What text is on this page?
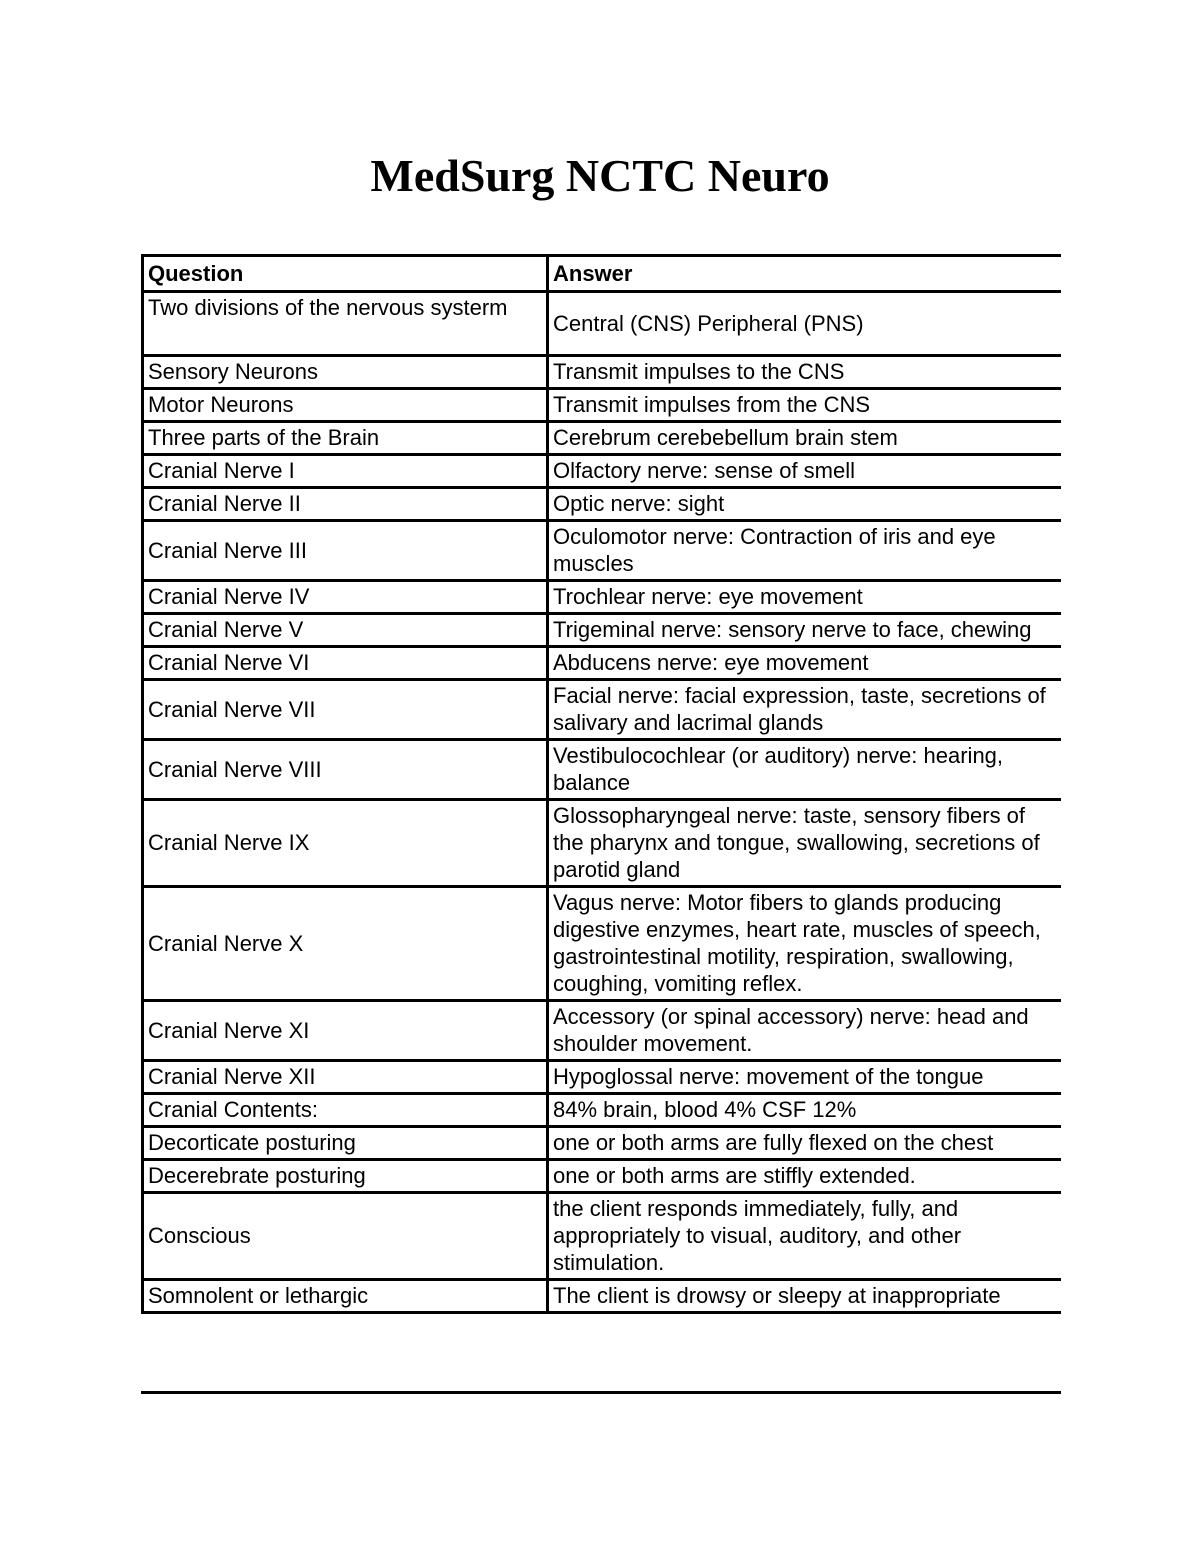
MedSurg NCTC Neuro
Question	Answer
Two divisions of the nervous systerm	Central (CNS) Peripheral (PNS)
Sensory Neurons	Transmit impulses to the CNS
Motor Neurons	Transmit impulses from the CNS
Three parts of the Brain	Cerebrum cerebebellum brain stem
Cranial Nerve I	Olfactory nerve: sense of smell
Cranial Nerve II	Optic nerve: sight
Cranial Nerve III	Oculomotor nerve: Contraction of iris and eye muscles
Cranial Nerve IV	Trochlear nerve: eye movement
Cranial Nerve V	Trigeminal nerve: sensory nerve to face, chewing
Cranial Nerve VI	Abducens nerve: eye movement
Cranial Nerve VII	Facial nerve: facial expression, taste, secretions of salivary and lacrimal glands
Cranial Nerve VIII	Vestibulocochlear (or auditory) nerve: hearing, balance
Cranial Nerve IX	Glossopharyngeal nerve: taste, sensory fibers of the pharynx and tongue, swallowing, secretions of parotid gland
Cranial Nerve X	Vagus nerve: Motor fibers to glands producing digestive enzymes, heart rate, muscles of speech, gastrointestinal motility, respiration, swallowing, coughing, vomiting reflex.
Cranial Nerve XI	Accessory (or spinal accessory) nerve: head and shoulder movement.
Cranial Nerve XII	Hypoglossal nerve: movement of the tongue
Cranial Contents:	84% brain, blood 4% CSF 12%
Decorticate posturing	one or both arms are fully flexed on the chest
Decerebrate posturing	one or both arms are stiffly extended.
Conscious	the client responds immediately, fully, and appropriately to visual, auditory, and other stimulation.
Somnolent or lethargic	The client is drowsy or sleepy at inappropriate
